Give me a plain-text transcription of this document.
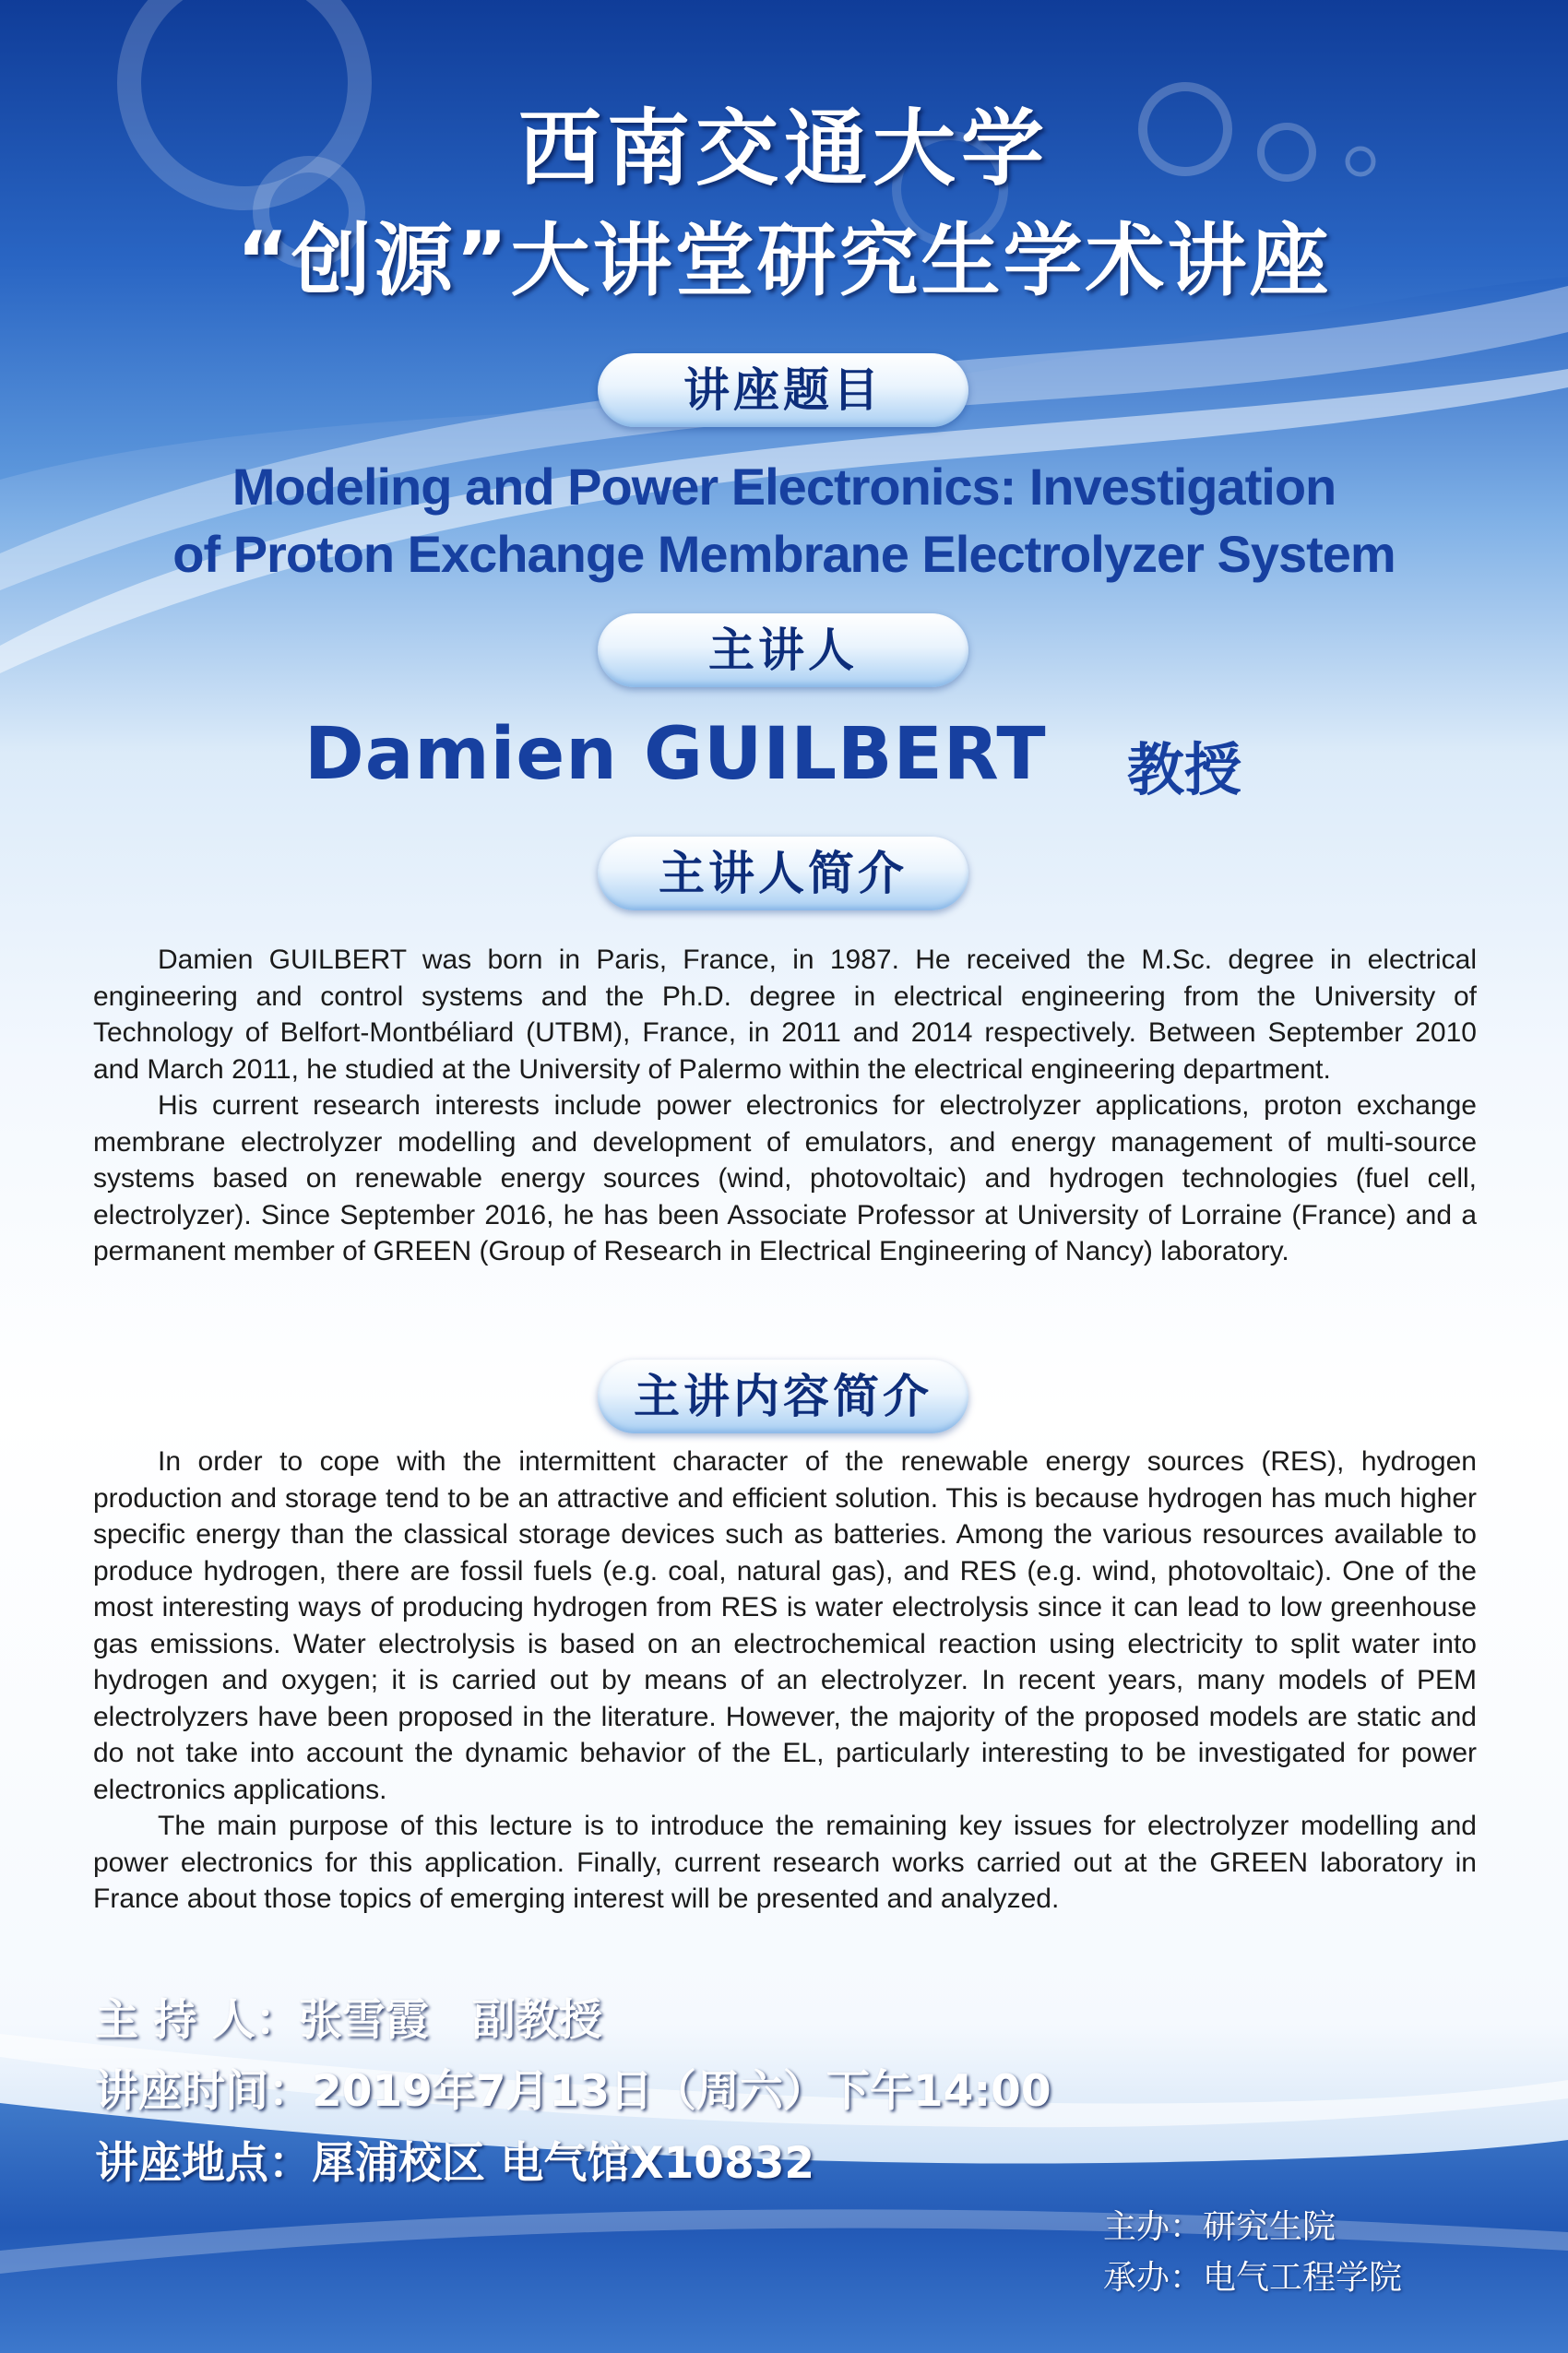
西南交通大学
“创源”大讲堂研究生学术讲座
讲座题目
Modeling and Power Electronics: Investigation
of Proton Exchange Membrane Electrolyzer System
主讲人
Damien GUILBERT 教授
主讲人简介

Damien GUILBERT was born in Paris, France, in 1987. He received the M.Sc. degree in electrical engineering and control systems and the Ph.D. degree in electrical engineering from the University of Technology of Belfort-Montbéliard (UTBM), France, in 2011 and 2014 respectively. Between September 2010 and March 2011, he studied at the University of Palermo within the electrical engineering department.

His current research interests include power electronics for electrolyzer applications, proton exchange membrane electrolyzer modelling and development of emulators, and energy management of multi-source systems based on renewable energy sources (wind, photovoltaic) and hydrogen technologies (fuel cell, electrolyzer). Since September 2016, he has been Associate Professor at University of Lorraine (France) and a permanent member of GREEN (Group of Research in Electrical Engineering of Nancy) laboratory.

主讲内容简介

In order to cope with the intermittent character of the renewable energy sources (RES), hydrogen production and storage tend to be an attractive and efficient solution. This is because hydrogen has much higher specific energy than the classical storage devices such as batteries. Among the various resources available to produce hydrogen, there are fossil fuels (e.g. coal, natural gas), and RES (e.g. wind, photovoltaic). One of the most interesting ways of producing hydrogen from RES is water electrolysis since it can lead to low greenhouse gas emissions. Water electrolysis is based on an electrochemical reaction using electricity to split water into hydrogen and oxygen; it is carried out by means of an electrolyzer. In recent years, many models of PEM electrolyzers have been proposed in the literature. However, the majority of the proposed models are static and do not take into account the dynamic behavior of the EL, particularly interesting to be investigated for power electronics applications.

The main purpose of this lecture is to introduce the remaining key issues for electrolyzer modelling and power electronics for this application. Finally, current research works carried out at the GREEN laboratory in France about those topics of emerging interest will be presented and analyzed.

主 持 人：张雪霞　副教授
讲座时间：2019年7月13日（周六）下午14:00
讲座地点：犀浦校区 电气馆X10832
主办：研究生院
承办：电气工程学院
